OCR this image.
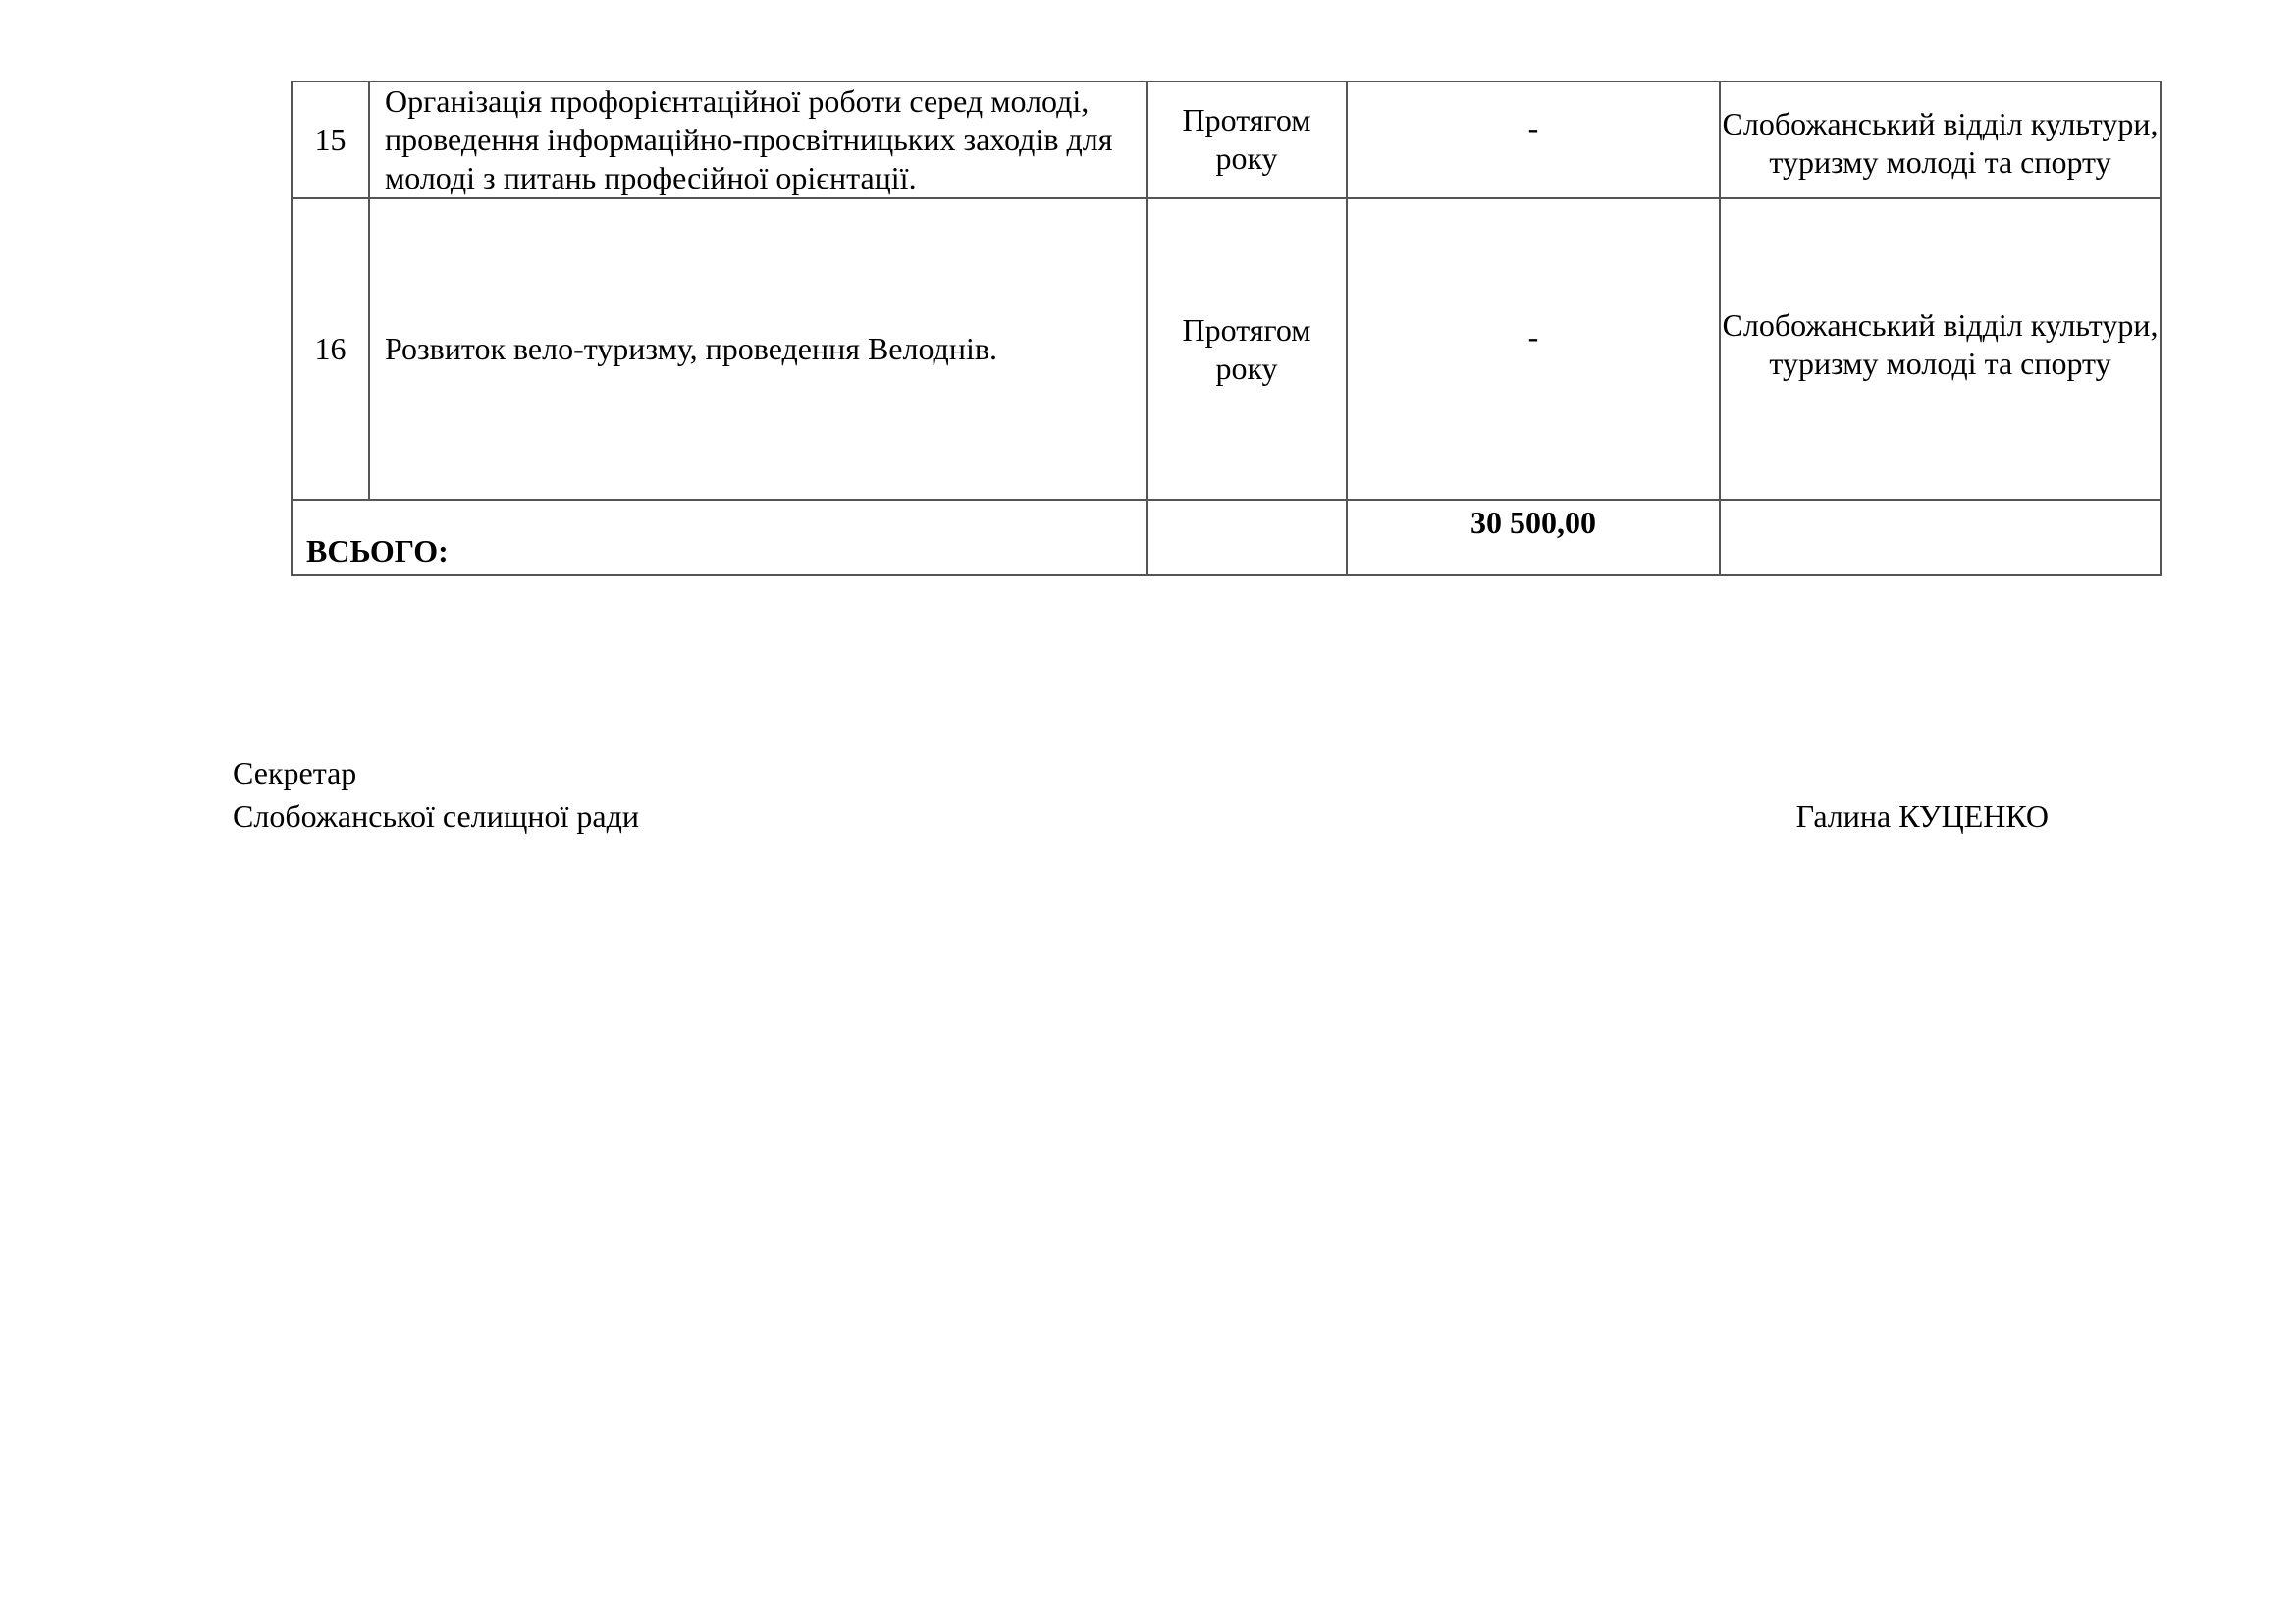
15	Організація профорієнтаційної роботи серед молоді, проведення інформаційно-просвітницьких заходів для молоді з питань професійної орієнтації.	Протягом року	-	Слобожанський відділ культури, туризму молоді та спорту

16	Розвиток вело-туризму, проведення Велоднів.	Протягом року	-	Слобожанський відділ культури, туризму молоді та спорту

ВСЬОГО:			30 500,00	

Секретар
Слобожанської селищної ради	Галина КУЦЕНКО
